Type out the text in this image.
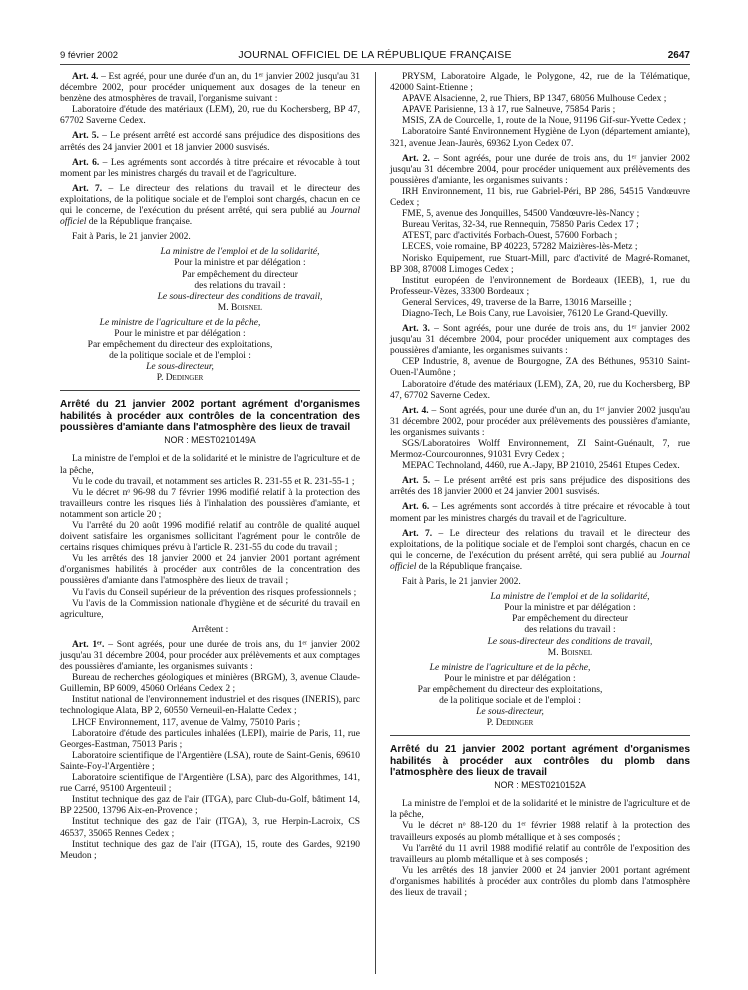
9 février 2002	JOURNAL OFFICIEL DE LA RÉPUBLIQUE FRANÇAISE	2647

Art. 4. – Est agréé, pour une durée d'un an, du 1ᵉʳ janvier 2002 jusqu'au 31 décembre 2002, pour procéder uniquement aux dosages de la teneur en benzène des atmosphères de travail, l'organisme suivant :

Laboratoire d'étude des matériaux (LEM), 20, rue du Kochersberg, BP 47, 67702 Saverne Cedex.

Art. 5. – Le présent arrêté est accordé sans préjudice des dispositions des arrêtés des 24 janvier 2001 et 18 janvier 2000 susvisés.

Art. 6. – Les agréments sont accordés à titre précaire et révocable à tout moment par les ministres chargés du travail et de l'agriculture.

Art. 7. – Le directeur des relations du travail et le directeur des exploitations, de la politique sociale et de l'emploi sont chargés, chacun en ce qui le concerne, de l'exécution du présent arrêté, qui sera publié au Journal officiel de la République française.

Fait à Paris, le 21 janvier 2002.

La ministre de l'emploi et de la solidarité,

Pour la ministre et par délégation :

Par empêchement du directeur

des relations du travail :

Le sous-directeur des conditions de travail,

M. Boisnel

Le ministre de l'agriculture et de la pêche,

Pour le ministre et par délégation :

Par empêchement du directeur des exploitations,

de la politique sociale et de l'emploi :

Le sous-directeur,

P. Dedinger

Arrêté du 21 janvier 2002 portant agrément d'organismes habilités à procéder aux contrôles de la concentration des poussières d'amiante dans l'atmosphère des lieux de travail

NOR : MEST0210149A

La ministre de l'emploi et de la solidarité et le ministre de l'agriculture et de la pêche,

Vu le code du travail, et notamment ses articles R. 231-55 et R. 231-55-1 ;

Vu le décret nᵒ 96-98 du 7 février 1996 modifié relatif à la protection des travailleurs contre les risques liés à l'inhalation des poussières d'amiante, et notamment son article 20 ;

Vu l'arrêté du 20 août 1996 modifié relatif au contrôle de qualité auquel doivent satisfaire les organismes sollicitant l'agrément pour le contrôle de certains risques chimiques prévu à l'article R. 231-55 du code du travail ;

Vu les arrêtés des 18 janvier 2000 et 24 janvier 2001 portant agrément d'organismes habilités à procéder aux contrôles de la concentration des poussières d'amiante dans l'atmosphère des lieux de travail ;

Vu l'avis du Conseil supérieur de la prévention des risques professionnels ;

Vu l'avis de la Commission nationale d'hygiène et de sécurité du travail en agriculture,

Arrêtent :

Art. 1ᵉʳ. – Sont agréés, pour une durée de trois ans, du 1ᵉʳ janvier 2002 jusqu'au 31 décembre 2004, pour procéder aux prélèvements et aux comptages des poussières d'amiante, les organismes suivants :

Bureau de recherches géologiques et minières (BRGM), 3, avenue Claude-Guillemin, BP 6009, 45060 Orléans Cedex 2 ;

Institut national de l'environnement industriel et des risques (INERIS), parc technologique Alata, BP 2, 60550 Verneuil-en-Halatte Cedex ;

LHCF Environnement, 117, avenue de Valmy, 75010 Paris ;

Laboratoire d'étude des particules inhalées (LEPI), mairie de Paris, 11, rue Georges-Eastman, 75013 Paris ;

Laboratoire scientifique de l'Argentière (LSA), route de Saint-Genis, 69610 Sainte-Foy-l'Argentière ;

Laboratoire scientifique de l'Argentière (LSA), parc des Algorithmes, 141, rue Carré, 95100 Argenteuil ;

Institut technique des gaz de l'air (ITGA), parc Club-du-Golf, bâtiment 14, BP 22500, 13796 Aix-en-Provence ;

Institut technique des gaz de l'air (ITGA), 3, rue Herpin-Lacroix, CS 46537, 35065 Rennes Cedex ;

Institut technique des gaz de l'air (ITGA), 15, route des Gardes, 92190 Meudon ;

PRYSM, Laboratoire Algade, le Polygone, 42, rue de la Télématique, 42000 Saint-Etienne ;

APAVE Alsacienne, 2, rue Thiers, BP 1347, 68056 Mulhouse Cedex ;

APAVE Parisienne, 13 à 17, rue Salneuve, 75854 Paris ;

MSIS, ZA de Courcelle, 1, route de la Noue, 91196 Gif-sur-Yvette Cedex ;

Laboratoire Santé Environnement Hygiène de Lyon (département amiante), 321, avenue Jean-Jaurès, 69362 Lyon Cedex 07.

Art. 2. – Sont agréés, pour une durée de trois ans, du 1ᵉʳ janvier 2002 jusqu'au 31 décembre 2004, pour procéder uniquement aux prélèvements des poussières d'amiante, les organismes suivants :

IRH Environnement, 11 bis, rue Gabriel-Péri, BP 286, 54515 Vandœuvre Cedex ;

FME, 5, avenue des Jonquilles, 54500 Vandœuvre-lès-Nancy ;

Bureau Veritas, 32-34, rue Rennequin, 75850 Paris Cedex 17 ;

ATEST, parc d'activités Forbach-Ouest, 57600 Forbach ;

LECES, voie romaine, BP 40223, 57282 Maizières-lès-Metz ;

Norisko Equipement, rue Stuart-Mill, parc d'activité de Magré-Romanet, BP 308, 87008 Limoges Cedex ;

Institut européen de l'environnement de Bordeaux (IEEB), 1, rue du Professeur-Vèzes, 33300 Bordeaux ;

General Services, 49, traverse de la Barre, 13016 Marseille ;

Diagno-Tech, Le Bois Cany, rue Lavoisier, 76120 Le Grand-Quevilly.

Art. 3. – Sont agréés, pour une durée de trois ans, du 1ᵉʳ janvier 2002 jusqu'au 31 décembre 2004, pour procéder uniquement aux comptages des poussières d'amiante, les organismes suivants :

CEP Industrie, 8, avenue de Bourgogne, ZA des Béthunes, 95310 Saint-Ouen-l'Aumône ;

Laboratoire d'étude des matériaux (LEM), ZA, 20, rue du Kochersberg, BP 47, 67702 Saverne Cedex.

Art. 4. – Sont agréés, pour une durée d'un an, du 1ᵉʳ janvier 2002 jusqu'au 31 décembre 2002, pour procéder aux prélèvements des poussières d'amiante, les organismes suivants :

SGS/Laboratoires Wolff Environnement, ZI Saint-Guénault, 7, rue Mermoz-Courcouronnes, 91031 Evry Cedex ;

MEPAC Technoland, 4460, rue A.-Japy, BP 21010, 25461 Etupes Cedex.

Art. 5. – Le présent arrêté est pris sans préjudice des dispositions des arrêtés des 18 janvier 2000 et 24 janvier 2001 susvisés.

Art. 6. – Les agréments sont accordés à titre précaire et révocable à tout moment par les ministres chargés du travail et de l'agriculture.

Art. 7. – Le directeur des relations du travail et le directeur des exploitations, de la politique sociale et de l'emploi sont chargés, chacun en ce qui le concerne, de l'exécution du présent arrêté, qui sera publié au Journal officiel de la République française.

Fait à Paris, le 21 janvier 2002.

La ministre de l'emploi et de la solidarité,

Pour la ministre et par délégation :

Par empêchement du directeur

des relations du travail :

Le sous-directeur des conditions de travail,

M. Boisnel

Le ministre de l'agriculture et de la pêche,

Pour le ministre et par délégation :

Par empêchement du directeur des exploitations,

de la politique sociale et de l'emploi :

Le sous-directeur,

P. Dedinger

Arrêté du 21 janvier 2002 portant agrément d'organismes habilités à procéder aux contrôles du plomb dans l'atmosphère des lieux de travail

NOR : MEST0210152A

La ministre de l'emploi et de la solidarité et le ministre de l'agriculture et de la pêche,

Vu le décret nᵒ 88-120 du 1ᵉʳ février 1988 relatif à la protection des travailleurs exposés au plomb métallique et à ses composés ;

Vu l'arrêté du 11 avril 1988 modifié relatif au contrôle de l'exposition des travailleurs au plomb métallique et à ses composés ;

Vu les arrêtés des 18 janvier 2000 et 24 janvier 2001 portant agrément d'organismes habilités à procéder aux contrôles du plomb dans l'atmosphère des lieux de travail ;
